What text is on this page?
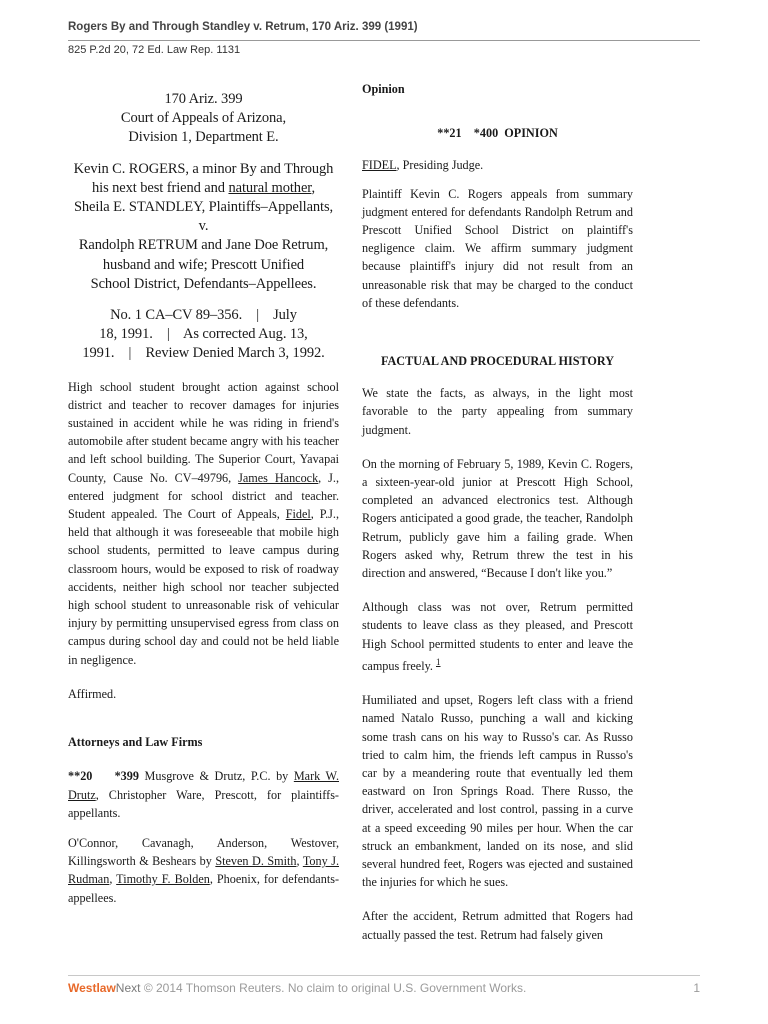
Rogers By and Through Standley v. Retrum, 170 Ariz. 399 (1991)
825 P.2d 20, 72 Ed. Law Rep. 1131
170 Ariz. 399
Court of Appeals of Arizona,
Division 1, Department E.
Kevin C. ROGERS, a minor By and Through
his next best friend and natural mother,
Sheila E. STANDLEY, Plaintiffs–Appellants,
v.
Randolph RETRUM and Jane Doe Retrum,
husband and wife; Prescott Unified
School District, Defendants–Appellees.
No. 1 CA–CV 89–356.    |    July
18, 1991.    |    As corrected Aug. 13,
1991.    |    Review Denied March 3, 1992.

High school student brought action against school district and teacher to recover damages for injuries sustained in accident while he was riding in friend's automobile after student became angry with his teacher and left school building. The Superior Court, Yavapai County, Cause No. CV–49796, James Hancock, J., entered judgment for school district and teacher. Student appealed. The Court of Appeals, Fidel, P.J., held that although it was foreseeable that mobile high school students, permitted to leave campus during classroom hours, would be exposed to risk of roadway accidents, neither high school nor teacher subjected high school student to unreasonable risk of vehicular injury by permitting unsupervised egress from class on campus during school day and could not be held liable in negligence.

Affirmed.

Attorneys and Law Firms

**20    *399 Musgrove & Drutz, P.C. by Mark W. Drutz, Christopher Ware, Prescott, for plaintiffs-appellants.

O'Connor, Cavanagh, Anderson, Westover, Killingsworth & Beshears by Steven D. Smith, Tony J. Rudman, Timothy F. Bolden, Phoenix, for defendants-appellees.

Opinion

**21    *400  OPINION

FIDEL, Presiding Judge.

Plaintiff Kevin C. Rogers appeals from summary judgment entered for defendants Randolph Retrum and Prescott Unified School District on plaintiff's negligence claim. We affirm summary judgment because plaintiff's injury did not result from an unreasonable risk that may be charged to the conduct of these defendants.

FACTUAL AND PROCEDURAL HISTORY

We state the facts, as always, in the light most favorable to the party appealing from summary judgment.

On the morning of February 5, 1989, Kevin C. Rogers, a sixteen-year-old junior at Prescott High School, completed an advanced electronics test. Although Rogers anticipated a good grade, the teacher, Randolph Retrum, publicly gave him a failing grade. When Rogers asked why, Retrum threw the test in his direction and answered, “Because I don't like you.”

Although class was not over, Retrum permitted students to leave class as they pleased, and Prescott High School permitted students to enter and leave the campus freely. $^1$

Humiliated and upset, Rogers left class with a friend named Natalo Russo, punching a wall and kicking some trash cans on his way to Russo's car. As Russo tried to calm him, the friends left campus in Russo's car by a meandering route that eventually led them eastward on Iron Springs Road. There Russo, the driver, accelerated and lost control, passing in a curve at a speed exceeding 90 miles per hour. When the car struck an embankment, landed on its nose, and slid several hundred feet, Rogers was ejected and sustained the injuries for which he sues.

After the accident, Retrum admitted that Rogers had actually passed the test. Retrum had falsely given

WestlawNext © 2014 Thomson Reuters. No claim to original U.S. Government Works.	1
